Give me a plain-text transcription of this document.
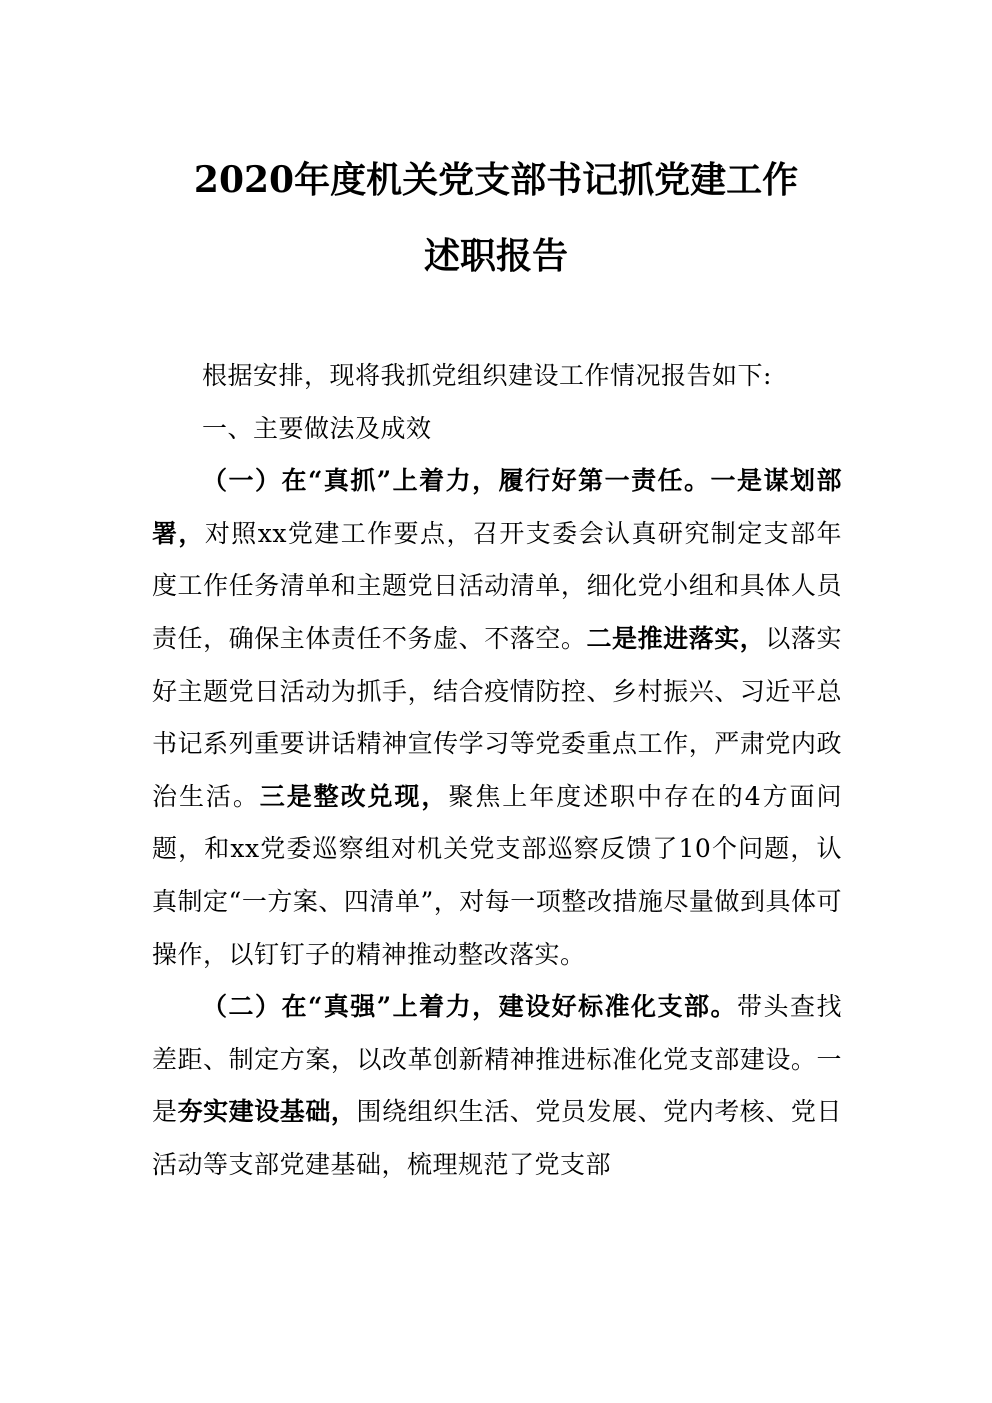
2020年度机关党支部书记抓党建工作
述职报告

根据安排，现将我抓党组织建设工作情况报告如下:

一、主要做法及成效

（一）在“真抓”上着力，履行好第一责任。一是谋划部署，对照xx党建工作要点，召开支委会认真研究制定支部年度工作任务清单和主题党日活动清单，细化党小组和具体人员责任，确保主体责任不务虚、不落空。二是推进落实，以落实好主题党日活动为抓手，结合疫情防控、乡村振兴、习近平总书记系列重要讲话精神宣传学习等党委重点工作，严肃党内政治生活。三是整改兑现，聚焦上年度述职中存在的4方面问题，和xx党委巡察组对机关党支部巡察反馈了10个问题，认真制定“一方案、四清单”，对每一项整改措施尽量做到具体可操作，以钉钉子的精神推动整改落实。

（二）在“真强”上着力，建设好标准化支部。带头查找差距、制定方案，以改革创新精神推进标准化党支部建设。一是夯实建设基础，围绕组织生活、党员发展、党内考核、党日活动等支部党建基础，梳理规范了党支部
